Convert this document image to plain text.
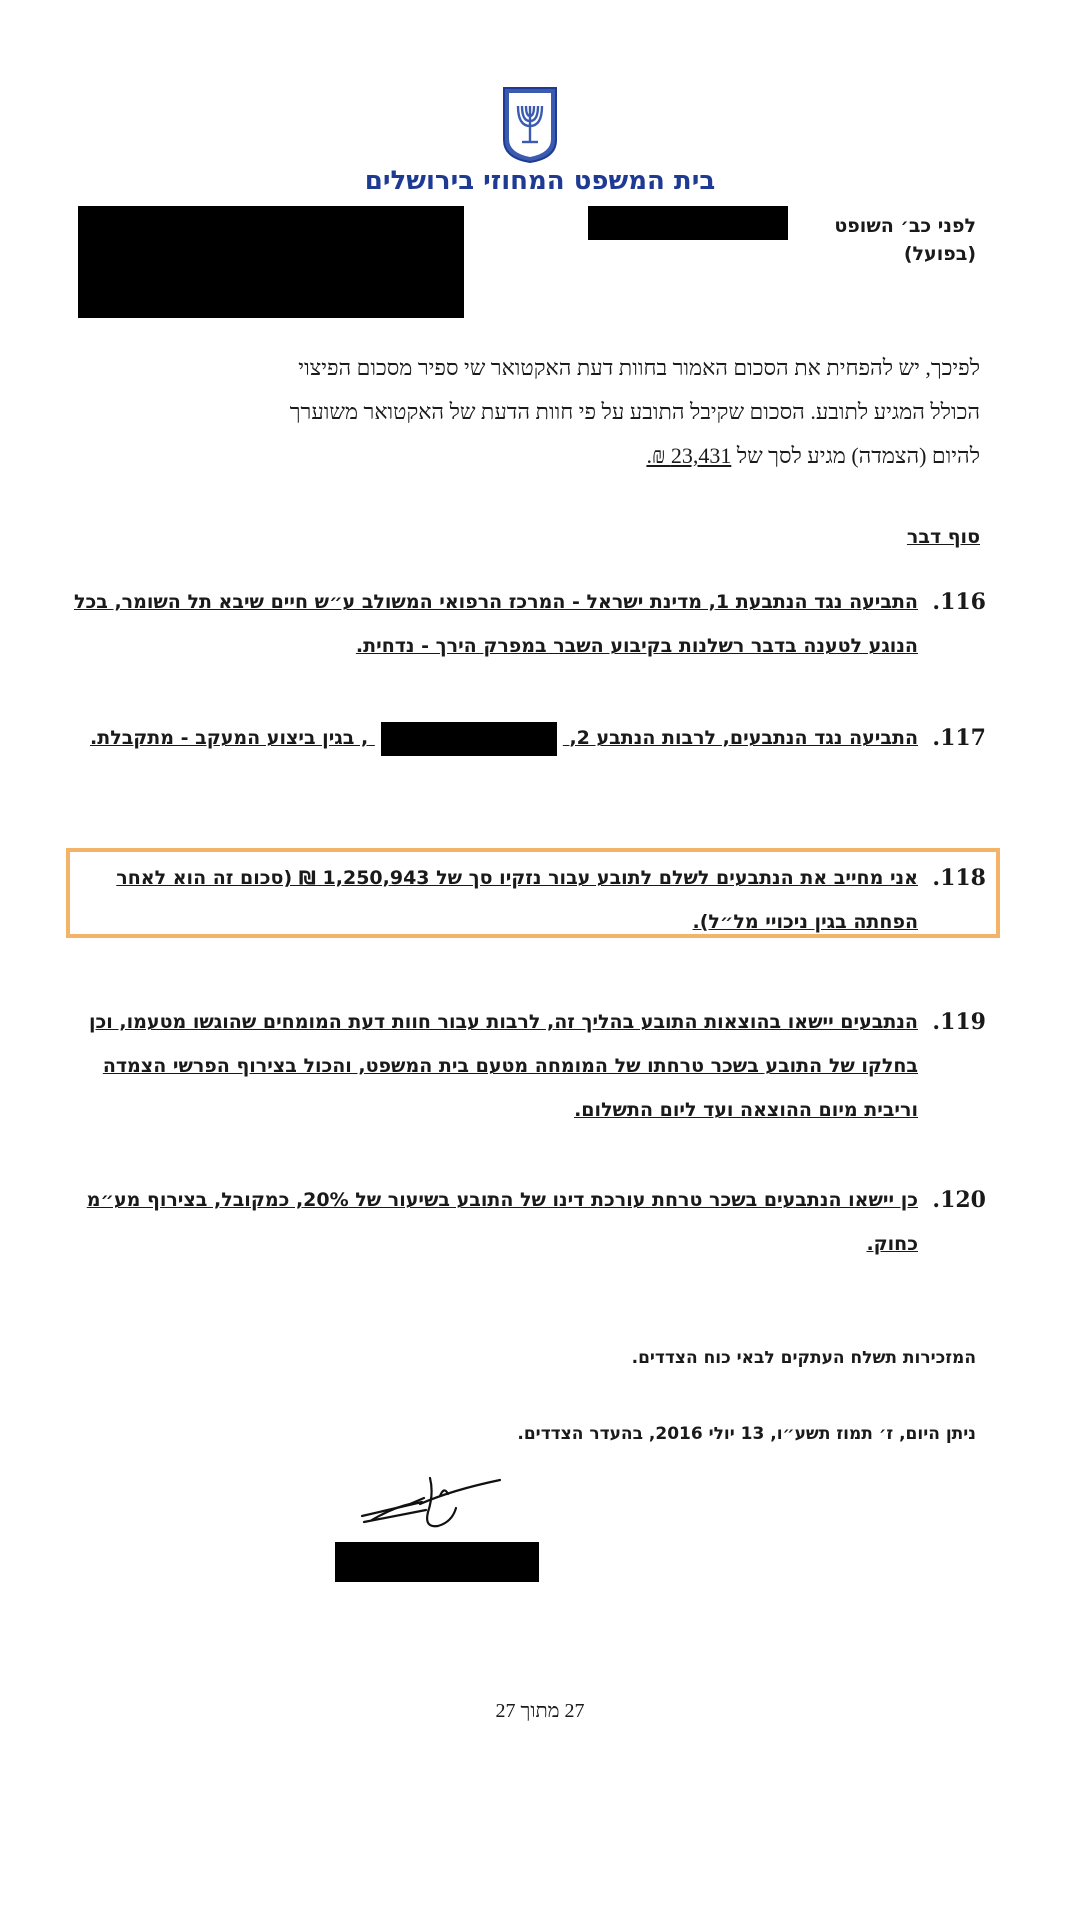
בית המשפט המחוזי בירושלים
לפני כב׳ השופט
(בפועל)
לפיכך, יש להפחית את הסכום האמור בחוות דעת האקטואר שי ספיר מסכום הפיצוי
הכולל המגיע לתובע. הסכום שקיבל התובע על פי חוות הדעת של האקטואר משוערך
להיום (הצמדה) מגיע לסך של 23,431 ₪.
סוף דבר
116.
התביעה נגד הנתבעת 1, מדינת ישראל - המרכז הרפואי המשולב ע״ש חיים שיבא תל השומר, בכל הנוגע לטענה בדבר רשלנות בקיבוע השבר במפרק הירך - נדחית.
117.
התביעה נגד הנתבעים, לרבות הנתבע 2,  , בגין ביצוע המעקב - מתקבלת.
118.
אני מחייב את הנתבעים לשלם לתובע עבור נזקיו סך של 1,250,943 ₪ (סכום זה הוא לאחר הפחתה בגין ניכויי מל״ל).
119.
הנתבעים יישאו בהוצאות התובע בהליך זה, לרבות עבור חוות דעת המומחים שהוגשו מטעמו, וכן בחלקו של התובע בשכר טרחתו של המומחה מטעם בית המשפט, והכול בצירוף הפרשי הצמדה וריבית מיום ההוצאה ועד ליום התשלום.
120.
כן יישאו הנתבעים בשכר טרחת עורכת דינו של התובע בשיעור של 20%, כמקובל, בצירוף מע״מ כחוק.
המזכירות תשלח העתקים לבאי כוח הצדדים.
ניתן היום, ז׳ תמוז תשע״ו, 13 יולי 2016, בהעדר הצדדים.
27 מתוך 27
